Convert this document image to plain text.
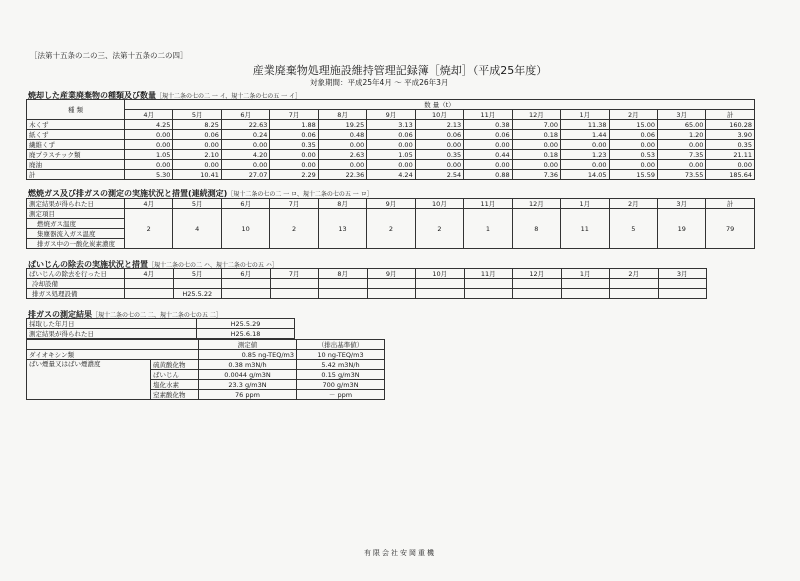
［法第十五条の二の三、法第十五条の二の四］
産業廃棄物処理施設維持管理記録簿［焼却］（平成25年度）
対象期間：平成25年4月 ～ 平成26年3月
焼却した産業廃棄物の種類及び数量［規十二条の七の二 一 イ、規十二条の七の五 一 イ］
種 類	数 量（t）												
	4月	5月	6月	7月	8月	9月	10月	11月	12月	1月	2月	3月	計
木くず	4.25	8.25	22.63	1.88	19.25	3.13	2.13	0.38	7.00	11.38	15.00	65.00	160.28
紙くず	0.00	0.06	0.24	0.06	0.48	0.06	0.06	0.06	0.18	1.44	0.06	1.20	3.90
繊維くず	0.00	0.00	0.00	0.35	0.00	0.00	0.00	0.00	0.00	0.00	0.00	0.00	0.35
廃プラスチック類	1.05	2.10	4.20	0.00	2.63	1.05	0.35	0.44	0.18	1.23	0.53	7.35	21.11
廃油	0.00	0.00	0.00	0.00	0.00	0.00	0.00	0.00	0.00	0.00	0.00	0.00	0.00
計	5.30	10.41	27.07	2.29	22.36	4.24	2.54	0.88	7.36	14.05	15.59	73.55	185.64
燃焼ガス及び排ガスの測定の実施状況と措置(連続測定)［規十二条の七の二 一 ロ、規十二条の七の五 一 ロ］
測定結果が得られた日	4月	5月	6月	7月	8月	9月	10月	11月	12月	1月	2月	3月	計
測定項目	2	4	10	2	13	2	2	1	8	11	5	19	79
燃焼ガス温度													
集塵器流入ガス温度													
排ガス中の一酸化炭素濃度													
ばいじんの除去の実施状況と措置［規十二条の七の二 ハ、規十二条の七の五 ハ］
ばいじんの除去を行った日	4月	5月	6月	7月	8月	9月	10月	11月	12月	1月	2月	3月
冷却設備												
排ガス処理設備		H25.5.22										
排ガスの測定結果［規十二条の七の二 二、規十二条の七の五 二］
採取した年月日	H25.5.29
測定結果が得られた日	H25.6.18
		測定値	（排出基準値）
ダイオキシン類		0.85 ng-TEQ/m3	10 ng-TEQ/m3
ばい煙量又はばい煙濃度	硫黄酸化物	0.38 m3N/h	5.42 m3N/h
	ばいじん	0.0044 g/m3N	0.15 g/m3N
	塩化水素	23.3 g/m3N	700 g/m3N
	窒素酸化物	76 ppm	－ ppm
有限会社安岡重機
